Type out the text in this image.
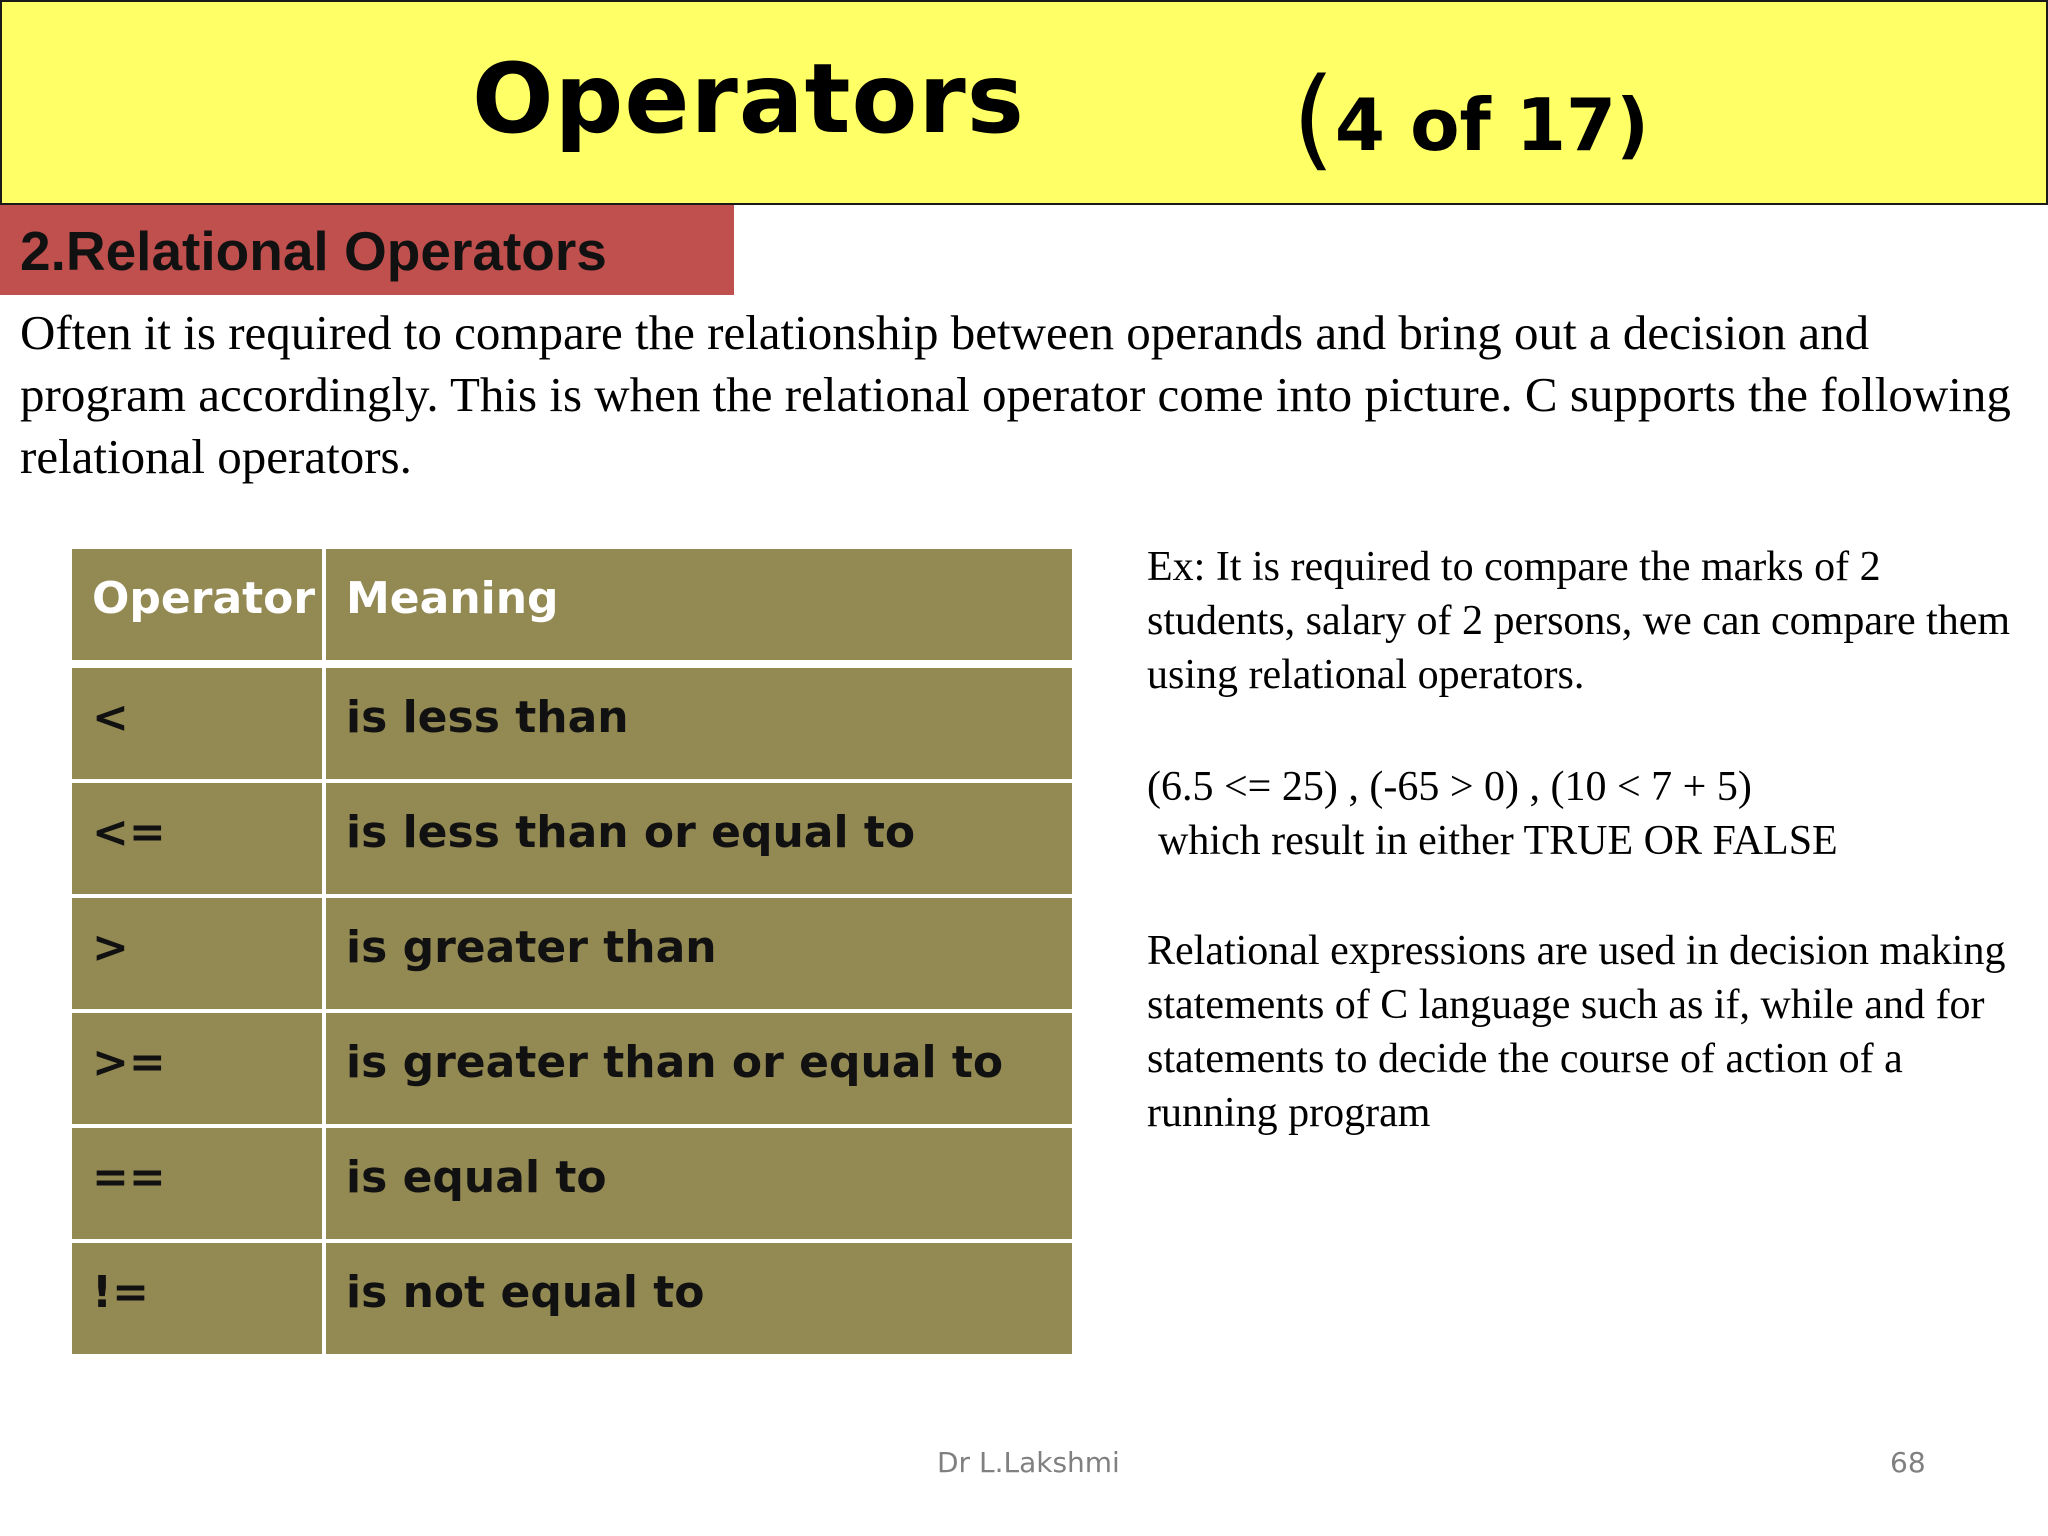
Operators (4 of 17)
2.Relational Operators

Often it is required to compare the relationship between operands and bring out a decision and program accordingly. This is when the relational operator come into picture. C supports the following relational operators.

Operator	Meaning
<	is less than
<=	is less than or equal to
>	is greater than
>=	is greater than or equal to
==	is equal to
!=	is not equal to

Ex: It is required to compare the marks of 2 students, salary of 2 persons, we can compare them using relational operators.

(6.5 <= 25) , (-65 > 0) , (10 < 7 + 5)

which result in either TRUE OR FALSE

Relational expressions are used in decision making statements of C language such as if, while and for statements to decide the course of action of a running program

Dr L.Lakshmi	68
